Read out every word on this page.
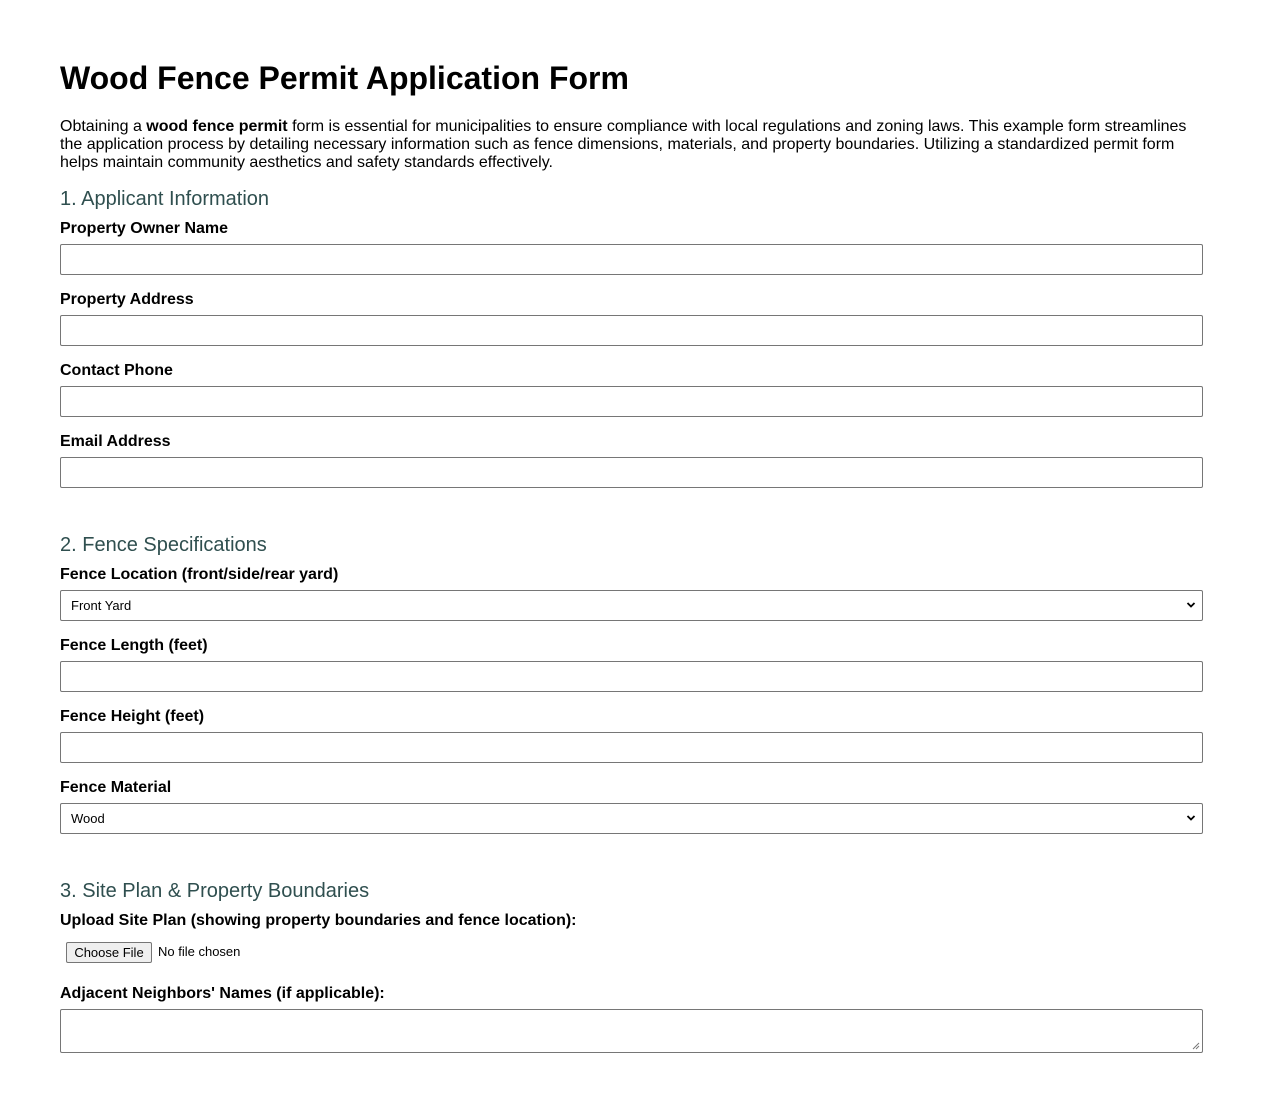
Wood Fence Permit Application Form

Obtaining a wood fence permit form is essential for municipalities to ensure compliance with local regulations and zoning laws. This example form streamlines the application process by detailing necessary information such as fence dimensions, materials, and property boundaries. Utilizing a standardized permit form helps maintain community aesthetics and safety standards effectively.

1. Applicant Information
Property Owner Name
Property Address
Contact Phone
Email Address
2. Fence Specifications
Fence Location (front/side/rear yard)
Front Yard
Fence Length (feet)
Fence Height (feet)
Fence Material
Wood
3. Site Plan & Property Boundaries
Upload Site Plan (showing property boundaries and fence location):
Choose File	No file chosen
Adjacent Neighbors' Names (if applicable):
